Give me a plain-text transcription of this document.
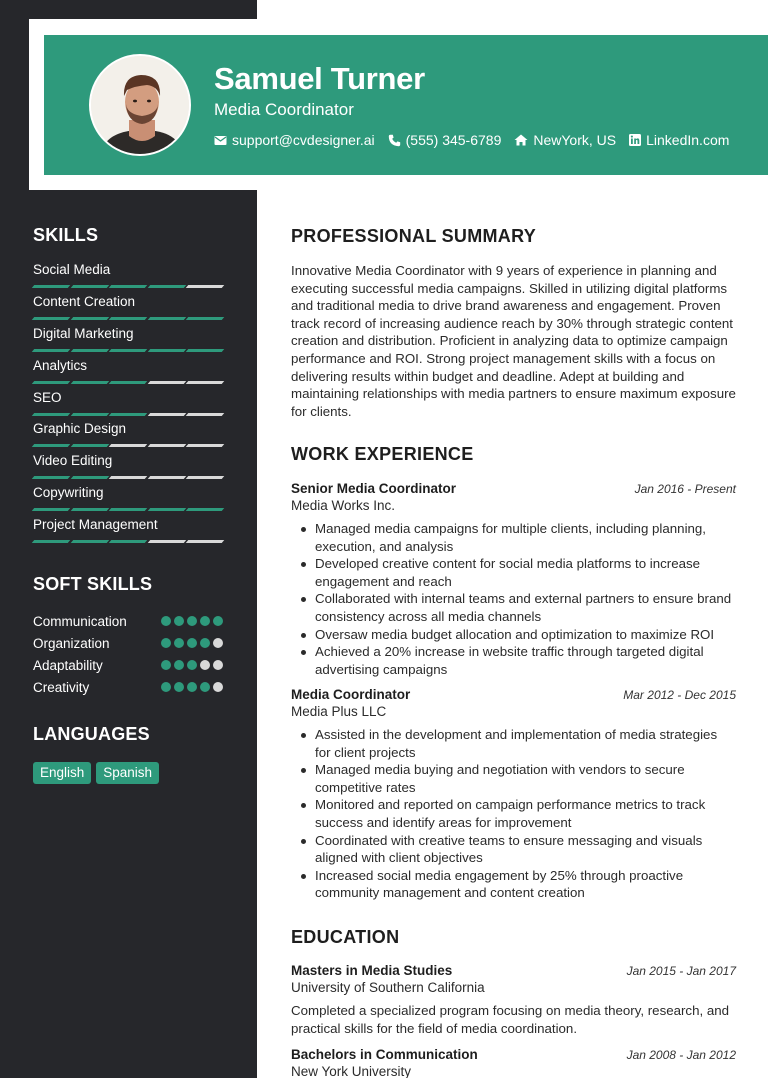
Samuel Turner
Media Coordinator
support@cvdesigner.ai (555) 345-6789 NewYork, US LinkedIn.com
SKILLS
Social Media
Content Creation
Digital Marketing
Analytics
SEO
Graphic Design
Video Editing
Copywriting
Project Management
SOFT SKILLS
Communication
Organization
Adaptability
Creativity
LANGUAGES
English	Spanish
PROFESSIONAL SUMMARY
Innovative Media Coordinator with 9 years of experience in planning and executing successful media campaigns. Skilled in utilizing digital platforms and traditional media to drive brand awareness and engagement. Proven track record of increasing audience reach by 30% through strategic content creation and distribution. Proficient in analyzing data to optimize campaign performance and ROI. Strong project management skills with a focus on delivering results within budget and deadline. Adept at building and maintaining relationships with media partners to ensure maximum exposure for clients.
WORK EXPERIENCE
Senior Media Coordinator	Jan 2016 - Present
Media Works Inc.
Managed media campaigns for multiple clients, including planning, execution, and analysis
Developed creative content for social media platforms to increase engagement and reach
Collaborated with internal teams and external partners to ensure brand consistency across all media channels
Oversaw media budget allocation and optimization to maximize ROI
Achieved a 20% increase in website traffic through targeted digital advertising campaigns
Media Coordinator	Mar 2012 - Dec 2015
Media Plus LLC
Assisted in the development and implementation of media strategies for client projects
Managed media buying and negotiation with vendors to secure competitive rates
Monitored and reported on campaign performance metrics to track success and identify areas for improvement
Coordinated with creative teams to ensure messaging and visuals aligned with client objectives
Increased social media engagement by 25% through proactive community management and content creation
EDUCATION
Masters in Media Studies	Jan 2015 - Jan 2017
University of Southern California
Completed a specialized program focusing on media theory, research, and practical skills for the field of media coordination.
Bachelors in Communication	Jan 2008 - Jan 2012
New York University
